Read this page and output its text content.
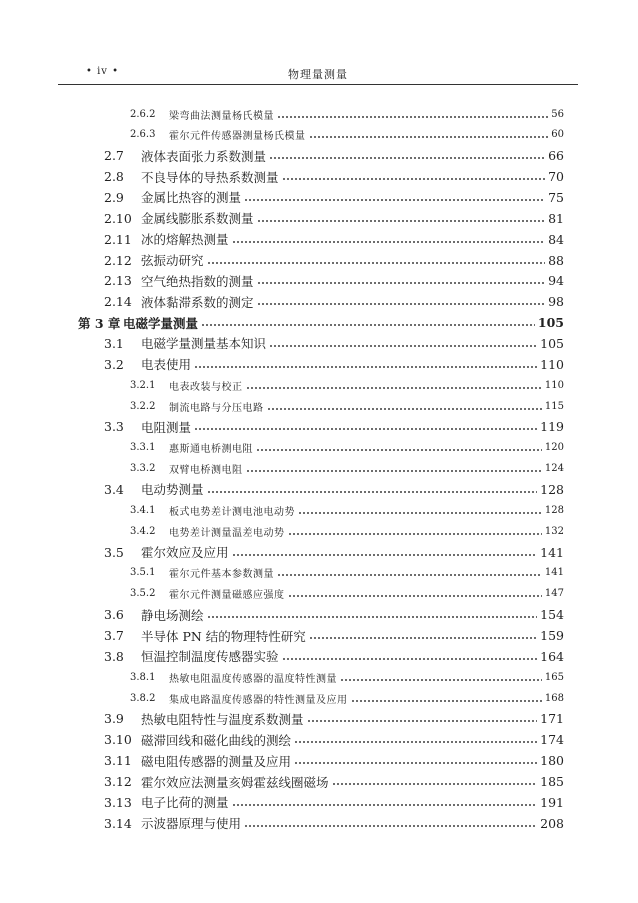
• iv •	物理量测量
2.6.2	梁弯曲法测量杨氏模量	56
2.6.3	霍尔元件传感器测量杨氏模量	60
2.7	液体表面张力系数测量	66
2.8	不良导体的导热系数测量	70
2.9	金属比热容的测量	75
2.10 金属线膨胀系数测量	81
2.11 冰的熔解热测量	84
2.12 弦振动研究	88
2.13 空气绝热指数的测量	94
2.14 液体黏滞系数的测定	98
第 3 章 电磁学量测量	105
3.1	电磁学量测量基本知识	105
3.2	电表使用	110
3.2.1	电表改装与校正	110
3.2.2	制流电路与分压电路	115
3.3	电阻测量	119
3.3.1	惠斯通电桥测电阻	120
3.3.2	双臂电桥测电阻	124
3.4	电动势测量	128
3.4.1	板式电势差计测电池电动势	128
3.4.2	电势差计测量温差电动势	132
3.5	霍尔效应及应用	141
3.5.1	霍尔元件基本参数测量	141
3.5.2	霍尔元件测量磁感应强度	147
3.6	静电场测绘	154
3.7	半导体 PN 结的物理特性研究	159
3.8	恒温控制温度传感器实验	164
3.8.1	热敏电阻温度传感器的温度特性测量	165
3.8.2	集成电路温度传感器的特性测量及应用	168
3.9	热敏电阻特性与温度系数测量	171
3.10 磁滞回线和磁化曲线的测绘	174
3.11 磁电阻传感器的测量及应用	180
3.12 霍尔效应法测量亥姆霍兹线圈磁场	185
3.13 电子比荷的测量	191
3.14 示波器原理与使用	208
